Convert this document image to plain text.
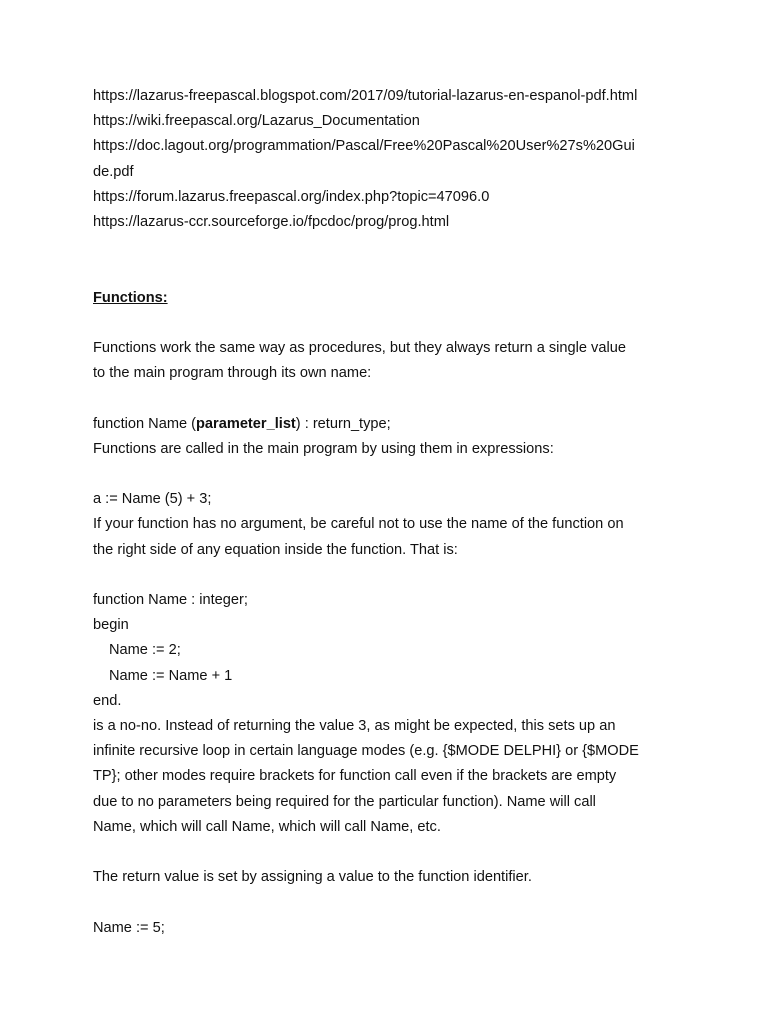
https://lazarus-freepascal.blogspot.com/2017/09/tutorial-lazarus-en-espanol-pdf.html
https://wiki.freepascal.org/Lazarus_Documentation
https://doc.lagout.org/programmation/Pascal/Free%20Pascal%20User%27s%20Gui
de.pdf
https://forum.lazarus.freepascal.org/index.php?topic=47096.0
https://lazarus-ccr.sourceforge.io/fpcdoc/prog/prog.html
Functions:
Functions work the same way as procedures, but they always return a single value
to the main program through its own name:
function Name (parameter_list) : return_type;
Functions are called in the main program by using them in expressions:
a := Name (5) + 3;
If your function has no argument, be careful not to use the name of the function on
the right side of any equation inside the function. That is:
function Name : integer;
begin
Name := 2;
Name := Name + 1
end.
is a no-no. Instead of returning the value 3, as might be expected, this sets up an
infinite recursive loop in certain language modes (e.g. {$MODE DELPHI} or {$MODE
TP}; other modes require brackets for function call even if the brackets are empty
due to no parameters being required for the particular function). Name will call
Name, which will call Name, which will call Name, etc.
The return value is set by assigning a value to the function identifier.
Name := 5;
